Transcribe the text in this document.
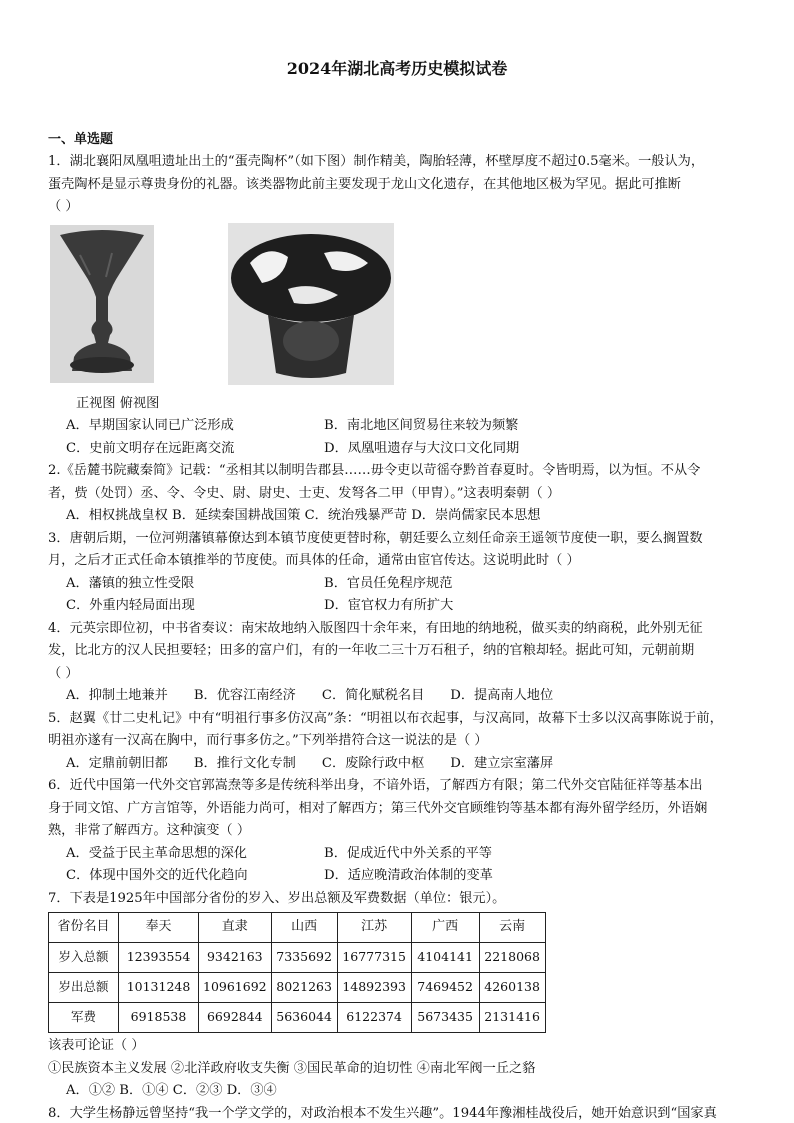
2024年湖北高考历史模拟试卷
一、单选题
1．湖北襄阳凤凰咀遗址出土的“蛋壳陶杯”（如下图）制作精美，陶胎轻薄，杯壁厚度不超过0.5毫米。一般认为，
蛋壳陶杯是显示尊贵身份的礼器。该类器物此前主要发现于龙山文化遗存，在其他地区极为罕见。据此可推断
（ ）
正视图 俯视图
A．早期国家认同已广泛形成	B．南北地区间贸易往来较为频繁
C．史前文明存在远距离交流	D．凤凰咀遗存与大汶口文化同期
2.《岳麓书院藏秦简》记载：“丞相其以制明告郡县……毋令吏以苛徭夺黔首春夏时。令皆明焉，以为恒。不从令
者，赀（处罚）丞、令、令史、尉、尉史、士吏、发弩各二甲（甲胄）。”这表明秦朝（ ）
A．相权挑战皇权 B．延续秦国耕战国策 C．统治残暴严苛 D．崇尚儒家民本思想
3．唐朝后期，一位河朔藩镇幕僚达到本镇节度使更替时称，朝廷要么立刻任命亲王遥领节度使一职，要么搁置数
月，之后才正式任命本镇推举的节度使。而具体的任命，通常由宦官传达。这说明此时（ ）
A．藩镇的独立性受限	B．官员任免程序规范
C．外重内轻局面出现	D．宦官权力有所扩大
4．元英宗即位初，中书省奏议：南宋故地纳入版图四十余年来，有田地的纳地税，做买卖的纳商税，此外别无征
发，比北方的汉人民担要轻；田多的富户们，有的一年收二三十万石租子，纳的官粮却轻。据此可知，元朝前期
（ ）
A．抑制土地兼并 B．优容江南经济 C．简化赋税名目 D．提高南人地位
5．赵翼《廿二史札记》中有“明祖行事多仿汉高”条：“明祖以布衣起事，与汉高同，故幕下士多以汉高事陈说于前，
明祖亦遂有一汉高在胸中，而行事多仿之。”下列举措符合这一说法的是（ ）
A．定鼎前朝旧都 B．推行文化专制 C．废除行政中枢 D．建立宗室藩屏
6．近代中国第一代外交官郭嵩焘等多是传统科举出身，不谙外语，了解西方有限；第二代外交官陆征祥等基本出
身于同文馆、广方言馆等，外语能力尚可，相对了解西方；第三代外交官顾维钧等基本都有海外留学经历，外语娴
熟，非常了解西方。这种演变（ ）
A．受益于民主革命思想的深化	B．促成近代中外关系的平等
C．体现中国外交的近代化趋向	D．适应晚清政治体制的变革
7．下表是1925年中国部分省份的岁入、岁出总额及军费数据（单位：银元）。
省份名目	奉天	直隶	山西	江苏	广西	云南
岁入总额	12393554	9342163	7335692	16777315	4104141	2218068
岁出总额	10131248	10961692	8021263	14892393	7469452	4260138
军费	6918538	6692844	5636044	6122374	5673435	2131416
该表可论证（ ）
①民族资本主义发展 ②北洋政府收支失衡 ③国民革命的迫切性 ④南北军阀一丘之貉
A．①② B．①④ C．②③ D．③④
8．大学生杨静远曾坚持“我一个学文学的，对政治根本不发生兴趣”。1944年豫湘桂战役后，她开始意识到“国家真
